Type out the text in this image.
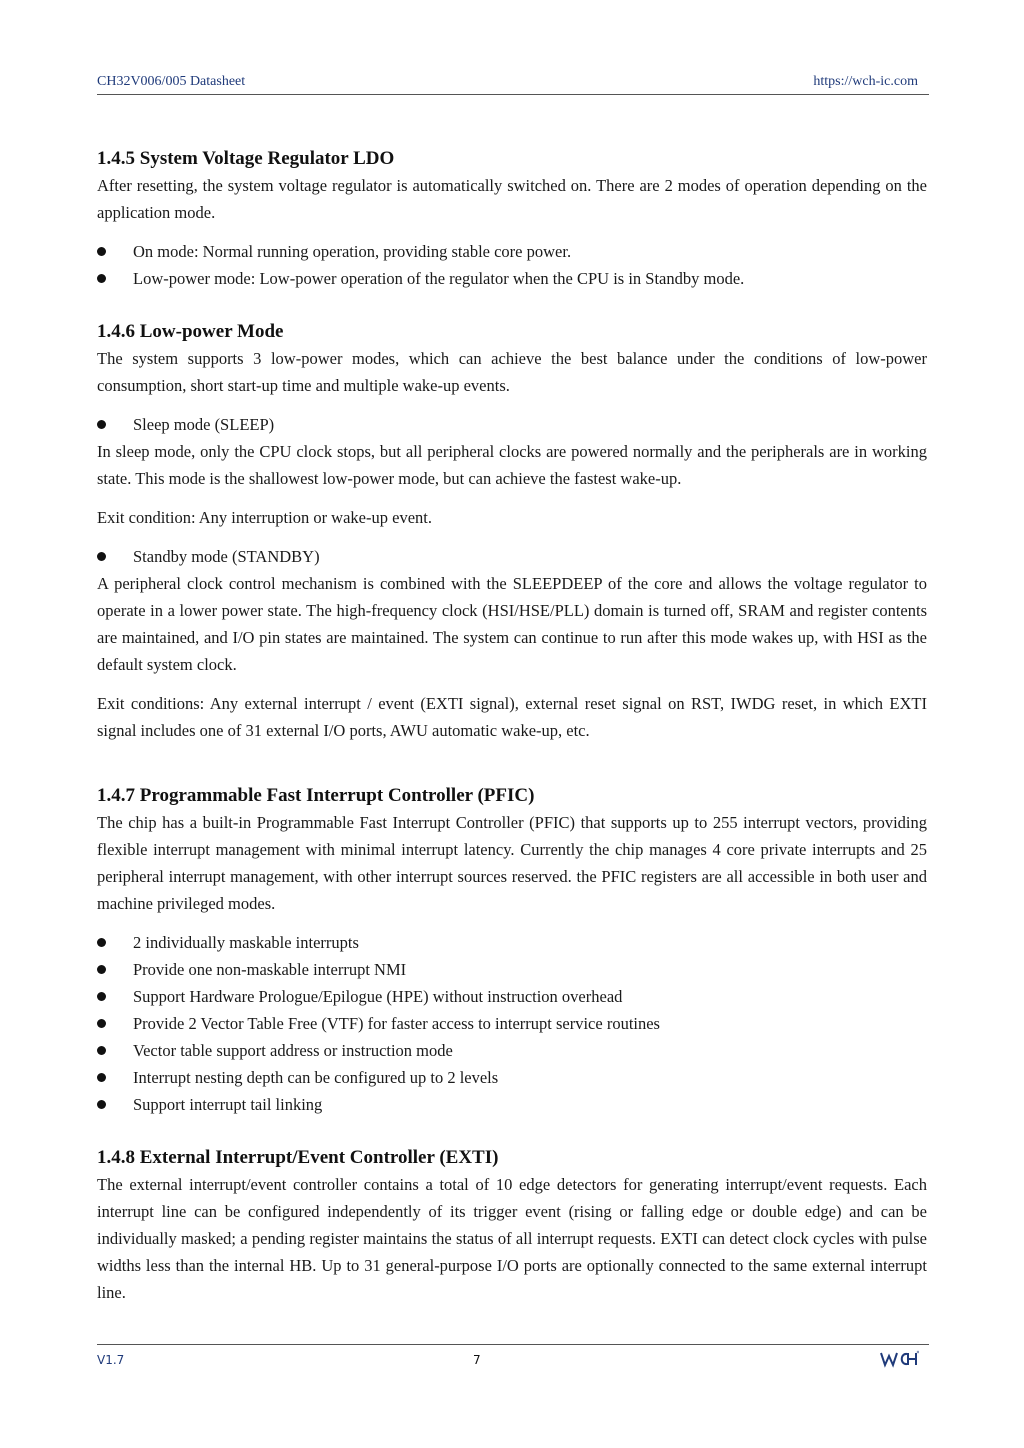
CH32V006/005 Datasheet	https://wch-ic.com
1.4.5 System Voltage Regulator LDO

After resetting, the system voltage regulator is automatically switched on. There are 2 modes of operation depending on the application mode.

On mode: Normal running operation, providing stable core power.
Low-power mode: Low-power operation of the regulator when the CPU is in Standby mode.
1.4.6 Low-power Mode

The system supports 3 low-power modes, which can achieve the best balance under the conditions of low-power consumption, short start-up time and multiple wake-up events.

Sleep mode (SLEEP)

In sleep mode, only the CPU clock stops, but all peripheral clocks are powered normally and the peripherals are in working state. This mode is the shallowest low-power mode, but can achieve the fastest wake-up.

Exit condition: Any interruption or wake-up event.

Standby mode (STANDBY)

A peripheral clock control mechanism is combined with the SLEEPDEEP of the core and allows the voltage regulator to operate in a lower power state. The high-frequency clock (HSI/HSE/PLL) domain is turned off, SRAM and register contents are maintained, and I/O pin states are maintained. The system can continue to run after this mode wakes up, with HSI as the default system clock.

Exit conditions: Any external interrupt / event (EXTI signal), external reset signal on RST, IWDG reset, in which EXTI signal includes one of 31 external I/O ports, AWU automatic wake-up, etc.

1.4.7 Programmable Fast Interrupt Controller (PFIC)

The chip has a built-in Programmable Fast Interrupt Controller (PFIC) that supports up to 255 interrupt vectors, providing flexible interrupt management with minimal interrupt latency. Currently the chip manages 4 core private interrupts and 25 peripheral interrupt management, with other interrupt sources reserved. the PFIC registers are all accessible in both user and machine privileged modes.

2 individually maskable interrupts
Provide one non-maskable interrupt NMI
Support Hardware Prologue/Epilogue (HPE) without instruction overhead
Provide 2 Vector Table Free (VTF) for faster access to interrupt service routines
Vector table support address or instruction mode
Interrupt nesting depth can be configured up to 2 levels
Support interrupt tail linking
1.4.8 External Interrupt/Event Controller (EXTI)

The external interrupt/event controller contains a total of 10 edge detectors for generating interrupt/event requests. Each interrupt line can be configured independently of its trigger event (rising or falling edge or double edge) and can be individually masked; a pending register maintains the status of all interrupt requests. EXTI can detect clock cycles with pulse widths less than the internal HB. Up to 31 general-purpose I/O ports are optionally connected to the same external interrupt line.

V1.7	7
